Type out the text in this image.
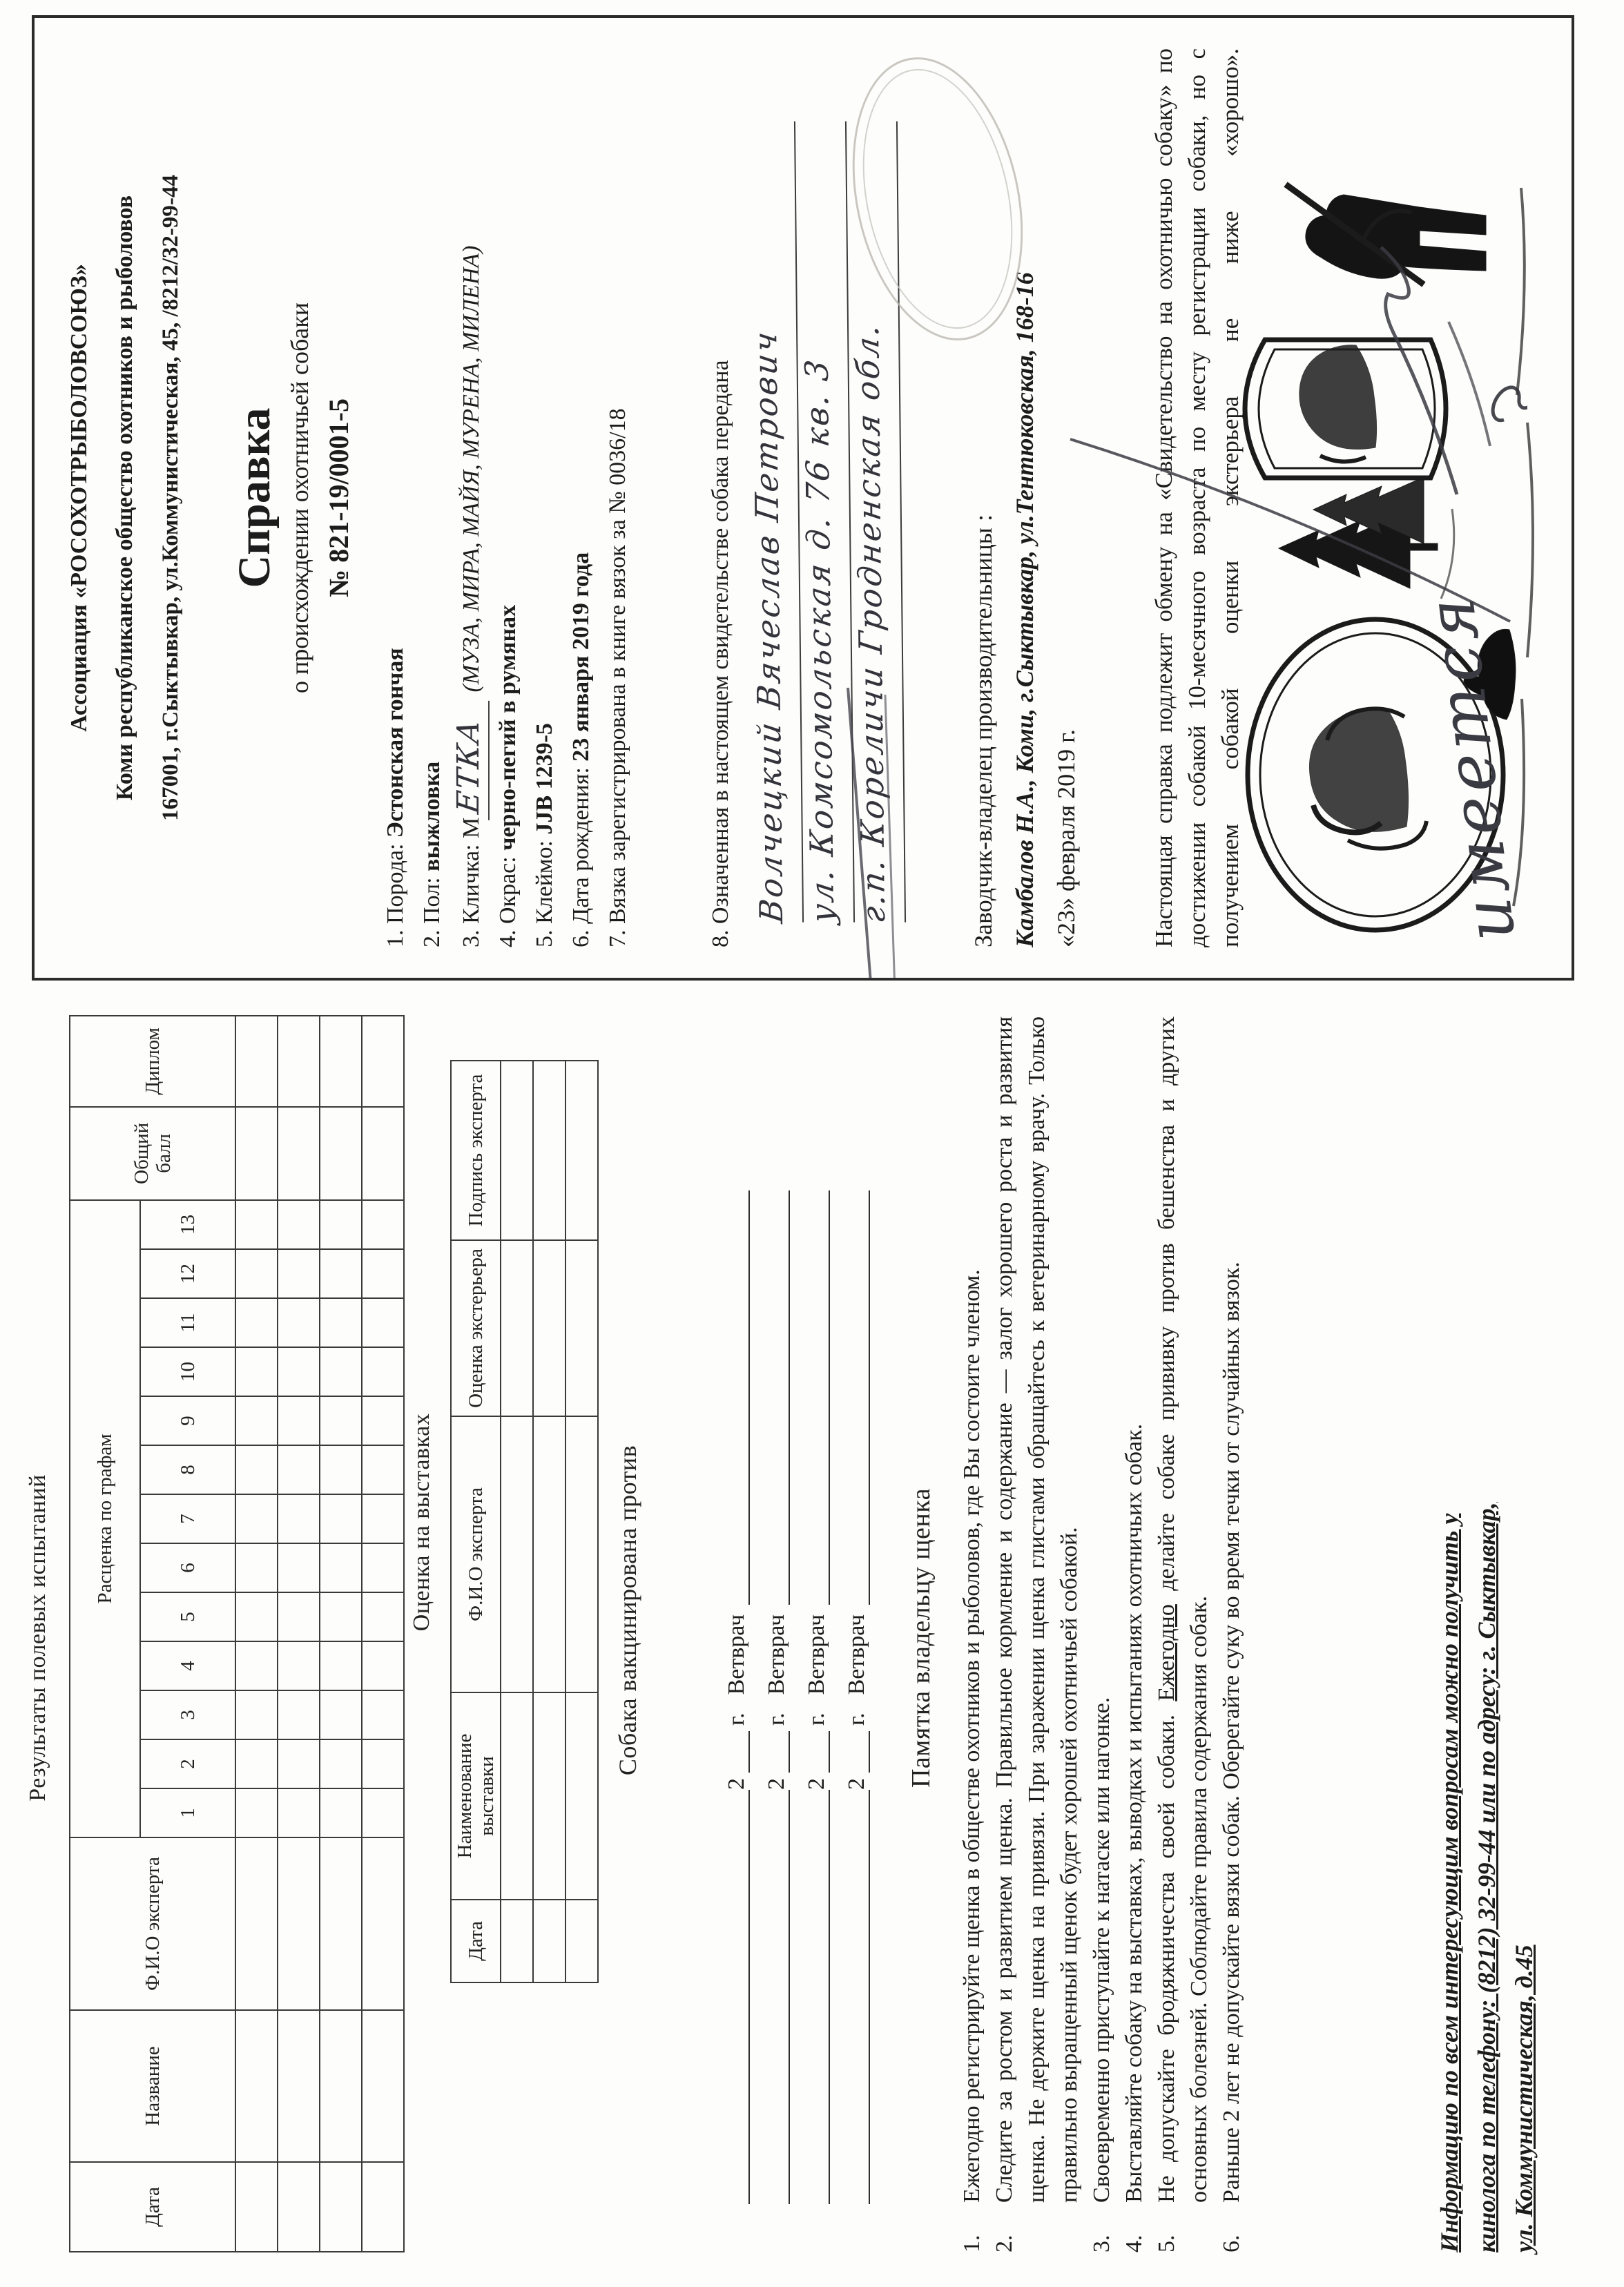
Результаты полевых испытаний
Дата	Название	Ф.И.О эксперта	Расценка по графам													Общий балл	Диплом
			1	2	3	4	5	6	7	8	9	10	11	12	13		

Оценка на выставках
Дата	Наименование выставки	Ф.И.О эксперта	Оценка экстерьера	Подпись эксперта

Собака вакцинирована против
2
г.
Ветврач
2
г.
Ветврач
2
г.
Ветврач
2
г.
Ветврач Памятка владельцу щенка
1.
Ежегодно регистрируйте щенка в обществе охотников и рыболовов, где Вы состоите членом.
2.
Следите за ростом и развитием щенка. Правильное кормление и содержание — залог хорошего роста и развития щенка. Не держите щенка на привязи. При заражении щенка глистами обращайтесь к ветеринарному врачу. Только правильно выращенный щенок будет хорошей охотничьей собакой.
3.
Своевременно приступайте к натаске или нагонке.
4.
Выставляйте собаку на выставках, выводках и испытаниях охотничьих собак.
5.
Не допускайте бродяжничества своей собаки. Ежегодно делайте собаке прививку против бешенства и других основных болезней. Соблюдайте правила содержания собак.
6.
Раньше 2 лет не допускайте вязки собак. Оберегайте суку во время течки от случайных вязок.	Информацию по всем интересующим вопросам можно получить у кинолога по телефону: (8212) 32-99-44 или по адресу: г. Сыктывкар, ул. Коммунистическая, д.45
Ассоциация «РОСОХОТРЫБОЛОВСОЮЗ» Коми республиканское общество охотников и рыболовов 167001, г.Сыктывкар, ул.Коммунистическая, 45, /8212/32-99-44 Справка о происхождении охотничьей собаки № 821-19/0001-5
1. Порода: Эстонская гончая
2. Пол: выжловка
3. Кличка: МЕТКА (МУЗА, МИРА, МАЙЯ, МУРЕНА, МИЛЕНА)
4. Окрас: черно-пегий в румянах
5. Клеймо: JJB 1239-5 6. Дата рождения: 23 января 2019 года 7. Вязка зарегистрирована в книге вязок за № 0036/18	8. Означенная в настоящем свидетельстве собака передана Волчецкий Вячеслав Петрович ул. Комсомольская д. 76 кв. 3 г.п. Кореличи Гродненская обл.	Заводчик-владелец производительницы : Камбалов Н.А., Коми, г.Сыктывкар, ул.Тентюковская, 168-16 «23» февраля 2019 г.	Настоящая справка подлежит обмену на «Свидетельство на охотничью собаку» по достижении собакой 10-месячного возраста по месту регистрации собаки, но с получением собакой оценки экстерьера не ниже «хорошо».	имеется
